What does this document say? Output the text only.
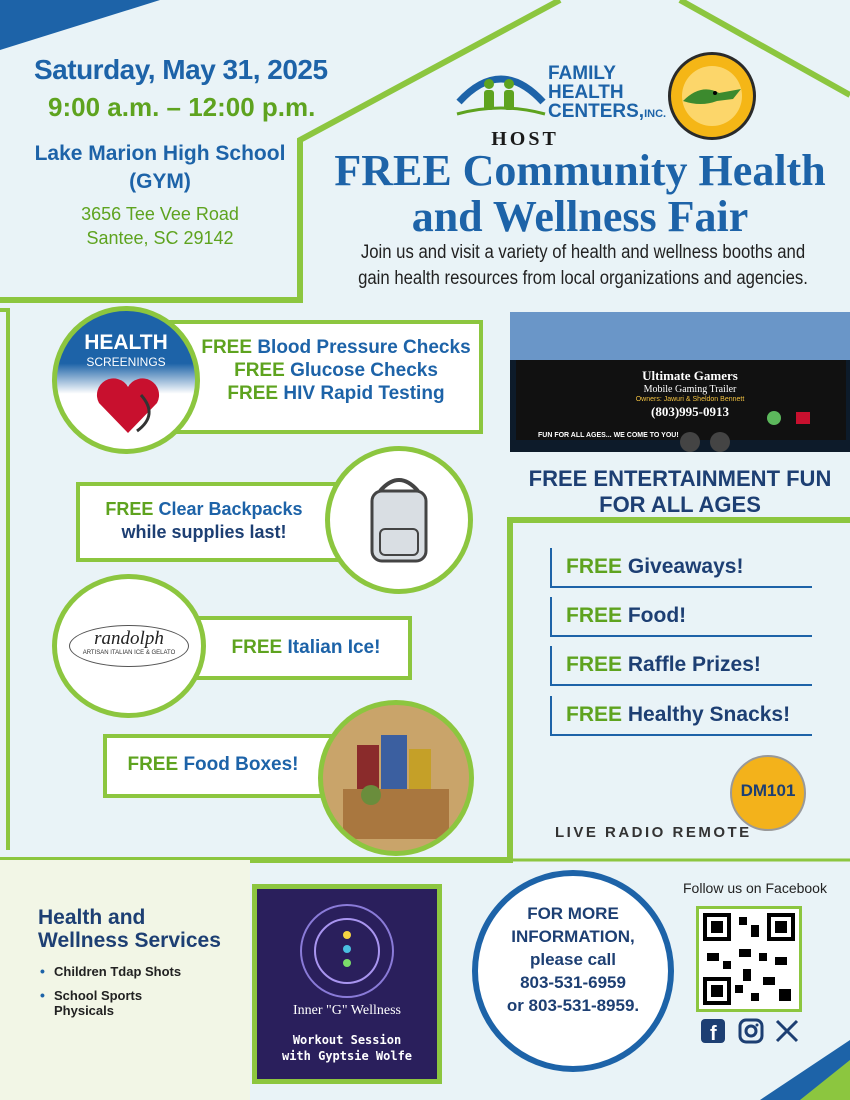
Saturday, May 31, 2025
9:00 a.m. – 12:00 p.m.
Lake Marion High School
(GYM)
3656 Tee Vee Road
Santee, SC 29142
FAMILY
HEALTH
CENTERS,INC.
HOST
FREE Community Health
and Wellness Fair
Join us and visit a variety of health and wellness booths and gain health resources from local organizations and agencies.
HEALTH
SCREENINGS
FREE Blood Pressure Checks
FREE Glucose Checks
FREE HIV Rapid Testing
FREE Clear Backpacks
while supplies last!
randolph
ARTISAN ITALIAN ICE & GELATO	FREE Italian Ice!
FREE Food Boxes!
Ultimate Gamers
Mobile Gaming Trailer
Owners: Jawuri & Sheldon Bennett
(803)995-0913
FUN FOR ALL AGES... WE COME TO YOU!
FREE ENTERTAINMENT FUN
FOR ALL AGES
FREE Giveaways!
FREE Food!
FREE Raffle Prizes!
FREE Healthy Snacks!
DM101
LIVE RADIO REMOTE
Health and
Wellness Services
• Children Tdap Shots
• School Sports
Physicals	Inner "G" Wellness
Workout Session
with Gyptsie Wolfe
FOR MORE
INFORMATION,
please call
803-531-6959
or 803-531-8959.
Follow us on Facebook
f
